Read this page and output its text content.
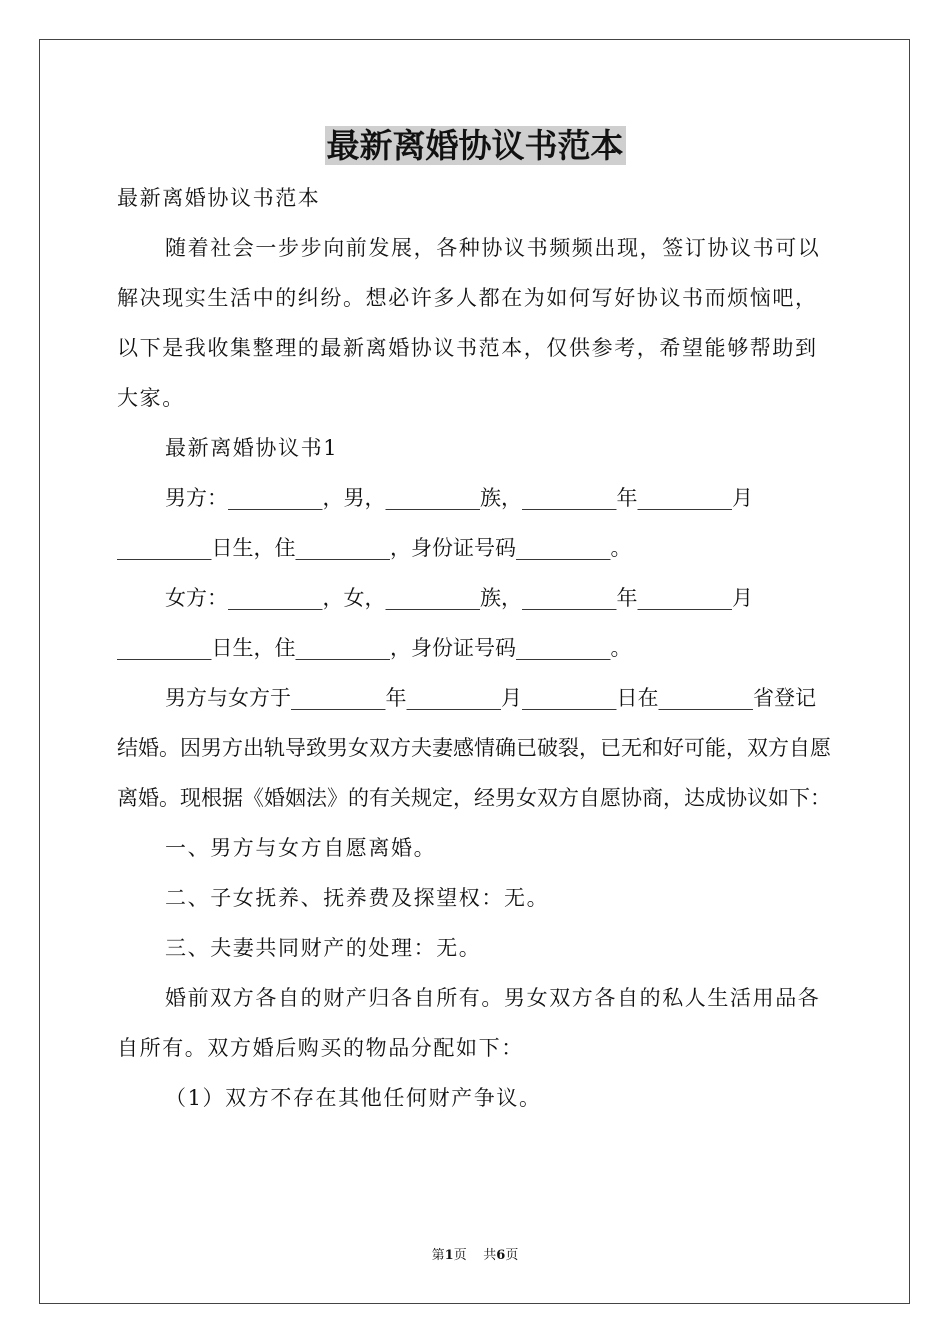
最新离婚协议书范本

最新离婚协议书范本

随着社会一步步向前发展，各种协议书频频出现，签订协议书可以解决现实生活中的纠纷。想必许多人都在为如何写好协议书而烦恼吧，以下是我收集整理的最新离婚协议书范本，仅供参考，希望能够帮助到大家。

最新离婚协议书1

男方：_________，男，_________族，_________年_________月_________日生，住_________，身份证号码_________。

女方：_________，女，_________族，_________年_________月_________日生，住_________，身份证号码_________。

男方与女方于_________年_________月_________日在_________省登记结婚。因男方出轨导致男女双方夫妻感情确已破裂，已无和好可能，双方自愿离婚。现根据《婚姻法》的有关规定，经男女双方自愿协商，达成协议如下：

一、男方与女方自愿离婚。

二、子女抚养、抚养费及探望权：无。

三、夫妻共同财产的处理：无。

婚前双方各自的财产归各自所有。男女双方各自的私人生活用品各自所有。双方婚后购买的物品分配如下：

（1）双方不存在其他任何财产争议。

第1页 共6页
